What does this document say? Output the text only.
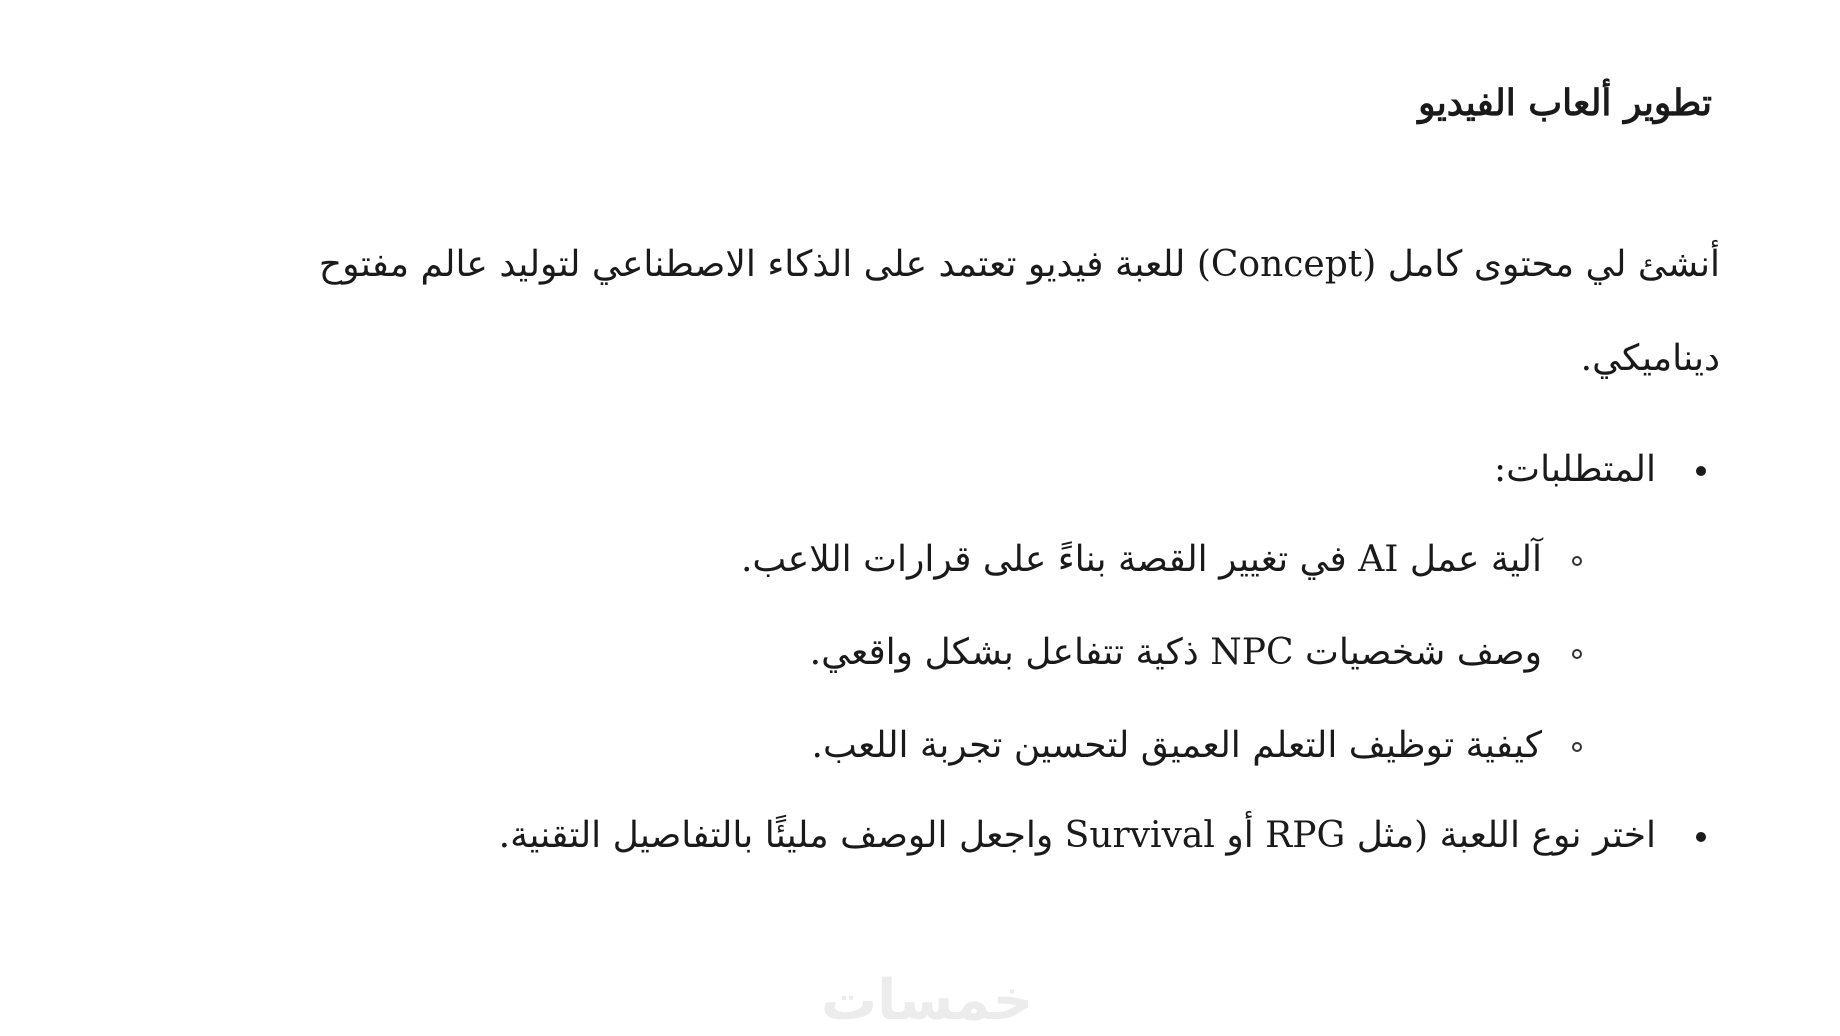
تطوير ألعاب الفيديو

أنشئ لي محتوى كامل (Concept) للعبة فيديو تعتمد على الذكاء الاصطناعي لتوليد عالم مفتوح ديناميكي.

المتطلبات:
آلية عمل AI في تغيير القصة بناءً على قرارات اللاعب.
وصف شخصيات NPC ذكية تتفاعل بشكل واقعي.
كيفية توظيف التعلم العميق لتحسين تجربة اللعب.
اختر نوع اللعبة (مثل RPG أو Survival واجعل الوصف مليئًا بالتفاصيل التقنية.
خمسات
